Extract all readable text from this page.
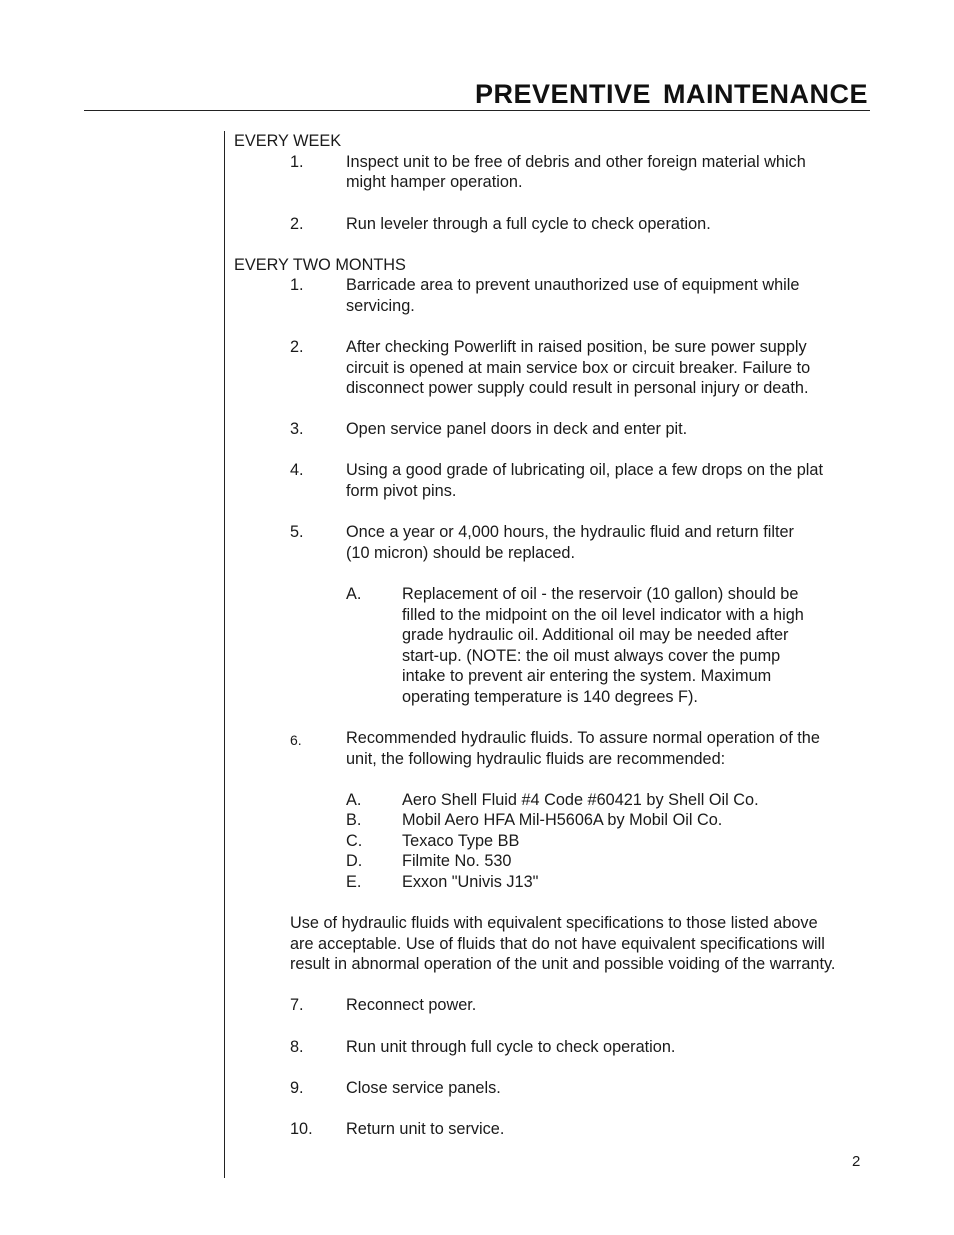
PREVENTIVE MAINTENANCE
EVERY WEEK
1.	Inspect unit to be free of debris and other foreign material which
might hamper operation.
2.	Run leveler through a full cycle to check operation.
EVERY TWO MONTHS
1.	Barricade area to prevent unauthorized use of equipment while
servicing.
2.	After checking Powerlift in raised position, be sure power supply
circuit is opened at main service box or circuit breaker. Failure to
disconnect power supply could result in personal injury or death.
3.	Open service panel doors in deck and enter pit.
4.	Using a good grade of lubricating oil, place a few drops on the plat
form pivot pins.
5.	Once a year or 4,000 hours, the hydraulic fluid and return filter
(10 micron) should be replaced.
A. Replacement of oil - the reservoir (10 gallon) should be
filled to the midpoint on the oil level indicator with a high
grade hydraulic oil. Additional oil may be needed after
start-up. (NOTE: the oil must always cover the pump
intake to prevent air entering the system. Maximum
operating temperature is 140 degrees F).
6.	Recommended hydraulic fluids. To assure normal operation of the
unit, the following hydraulic fluids are recommended:
A. Aero Shell Fluid #4 Code #60421 by Shell Oil Co.
B. Mobil Aero HFA Mil-H5606A by Mobil Oil Co.
C. Texaco Type BB
D. Filmite No. 530
E. Exxon "Univis J13"
Use of hydraulic fluids with equivalent specifications to those listed above
are acceptable. Use of fluids that do not have equivalent specifications will
result in abnormal operation of the unit and possible voiding of the warranty.
7.	Reconnect power.
8.	Run unit through full cycle to check operation.
9.	Close service panels.
10. Return unit to service.
2
